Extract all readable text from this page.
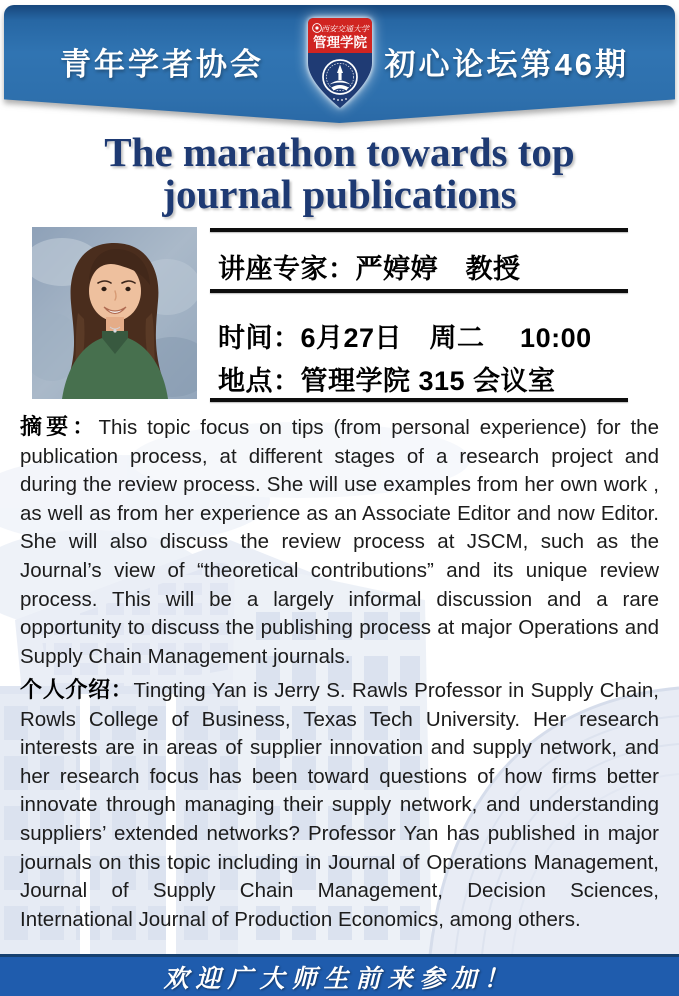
青年学者协会	初心论坛第46期
西安交通大学
管理学院
The marathon towards top
journal publications
讲座专家：严婷婷　教授
时间：6月27日　周二　 10:00
地点：管理学院 315 会议室

摘要：This topic focus on tips (from personal experience) for the publication process, at different stages of a research project and during the review process. She will use examples from her own work , as well as from her experience as an Associate Editor and now Editor. She will also discuss the review process at JSCM, such as the Journal’s view of “theoretical contributions” and its unique review process. This will be a largely informal discussion and a rare opportunity to discuss the publishing process at major Operations and Supply Chain Management journals.

个人介绍：Tingting Yan is Jerry S. Rawls Professor in Supply Chain, Rowls College of Business, Texas Tech University. Her research interests are in areas of supplier innovation and supply network, and her research focus has been toward questions of how firms better innovate through managing their supply network, and understanding suppliers’ extended networks? Professor Yan has published in major journals on this topic including in Journal of Operations Management, Journal of Supply Chain Management, Decision Sciences, International Journal of Production Economics, among others.

欢迎广大师生前来参加！
